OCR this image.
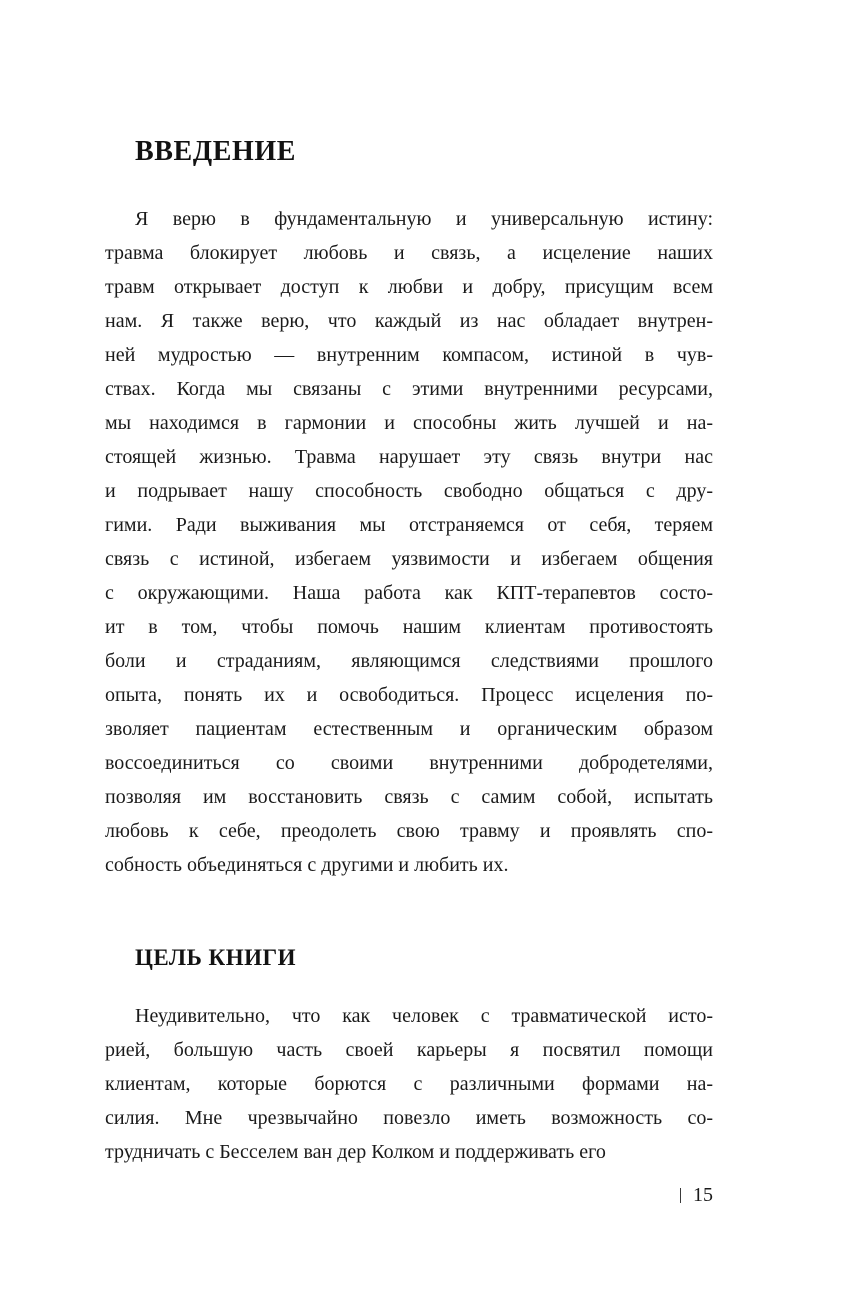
ВВЕДЕНИЕ
Я верю в фундаментальную и универсальную истину:
травма блокирует любовь и связь, а исцеление наших
травм открывает доступ к любви и добру, присущим всем
нам. Я также верю, что каждый из нас обладает внутрен-
ней мудростью — внутренним компасом, истиной в чув-
ствах. Когда мы связаны с этими внутренними ресурсами,
мы находимся в гармонии и способны жить лучшей и на-
стоящей жизнью. Травма нарушает эту связь внутри нас
и подрывает нашу способность свободно общаться с дру-
гими. Ради выживания мы отстраняемся от себя, теряем
связь с истиной, избегаем уязвимости и избегаем общения
с окружающими. Наша работа как КПТ-терапевтов состо-
ит в том, чтобы помочь нашим клиентам противостоять
боли и страданиям, являющимся следствиями прошлого
опыта, понять их и освободиться. Процесс исцеления по-
зволяет пациентам естественным и органическим образом
воссоединиться со своими внутренними добродетелями,
позволяя им восстановить связь с самим собой, испытать
любовь к себе, преодолеть свою травму и проявлять спо-
собность объединяться с другими и любить их.
ЦЕЛЬ КНИГИ
Неудивительно, что как человек с травматической исто-
рией, большую часть своей карьеры я посвятил помощи
клиентам, которые борются с различными формами на-
силия. Мне чрезвычайно повезло иметь возможность со-
трудничать с Бесселем ван дер Колком и поддерживать его
15
